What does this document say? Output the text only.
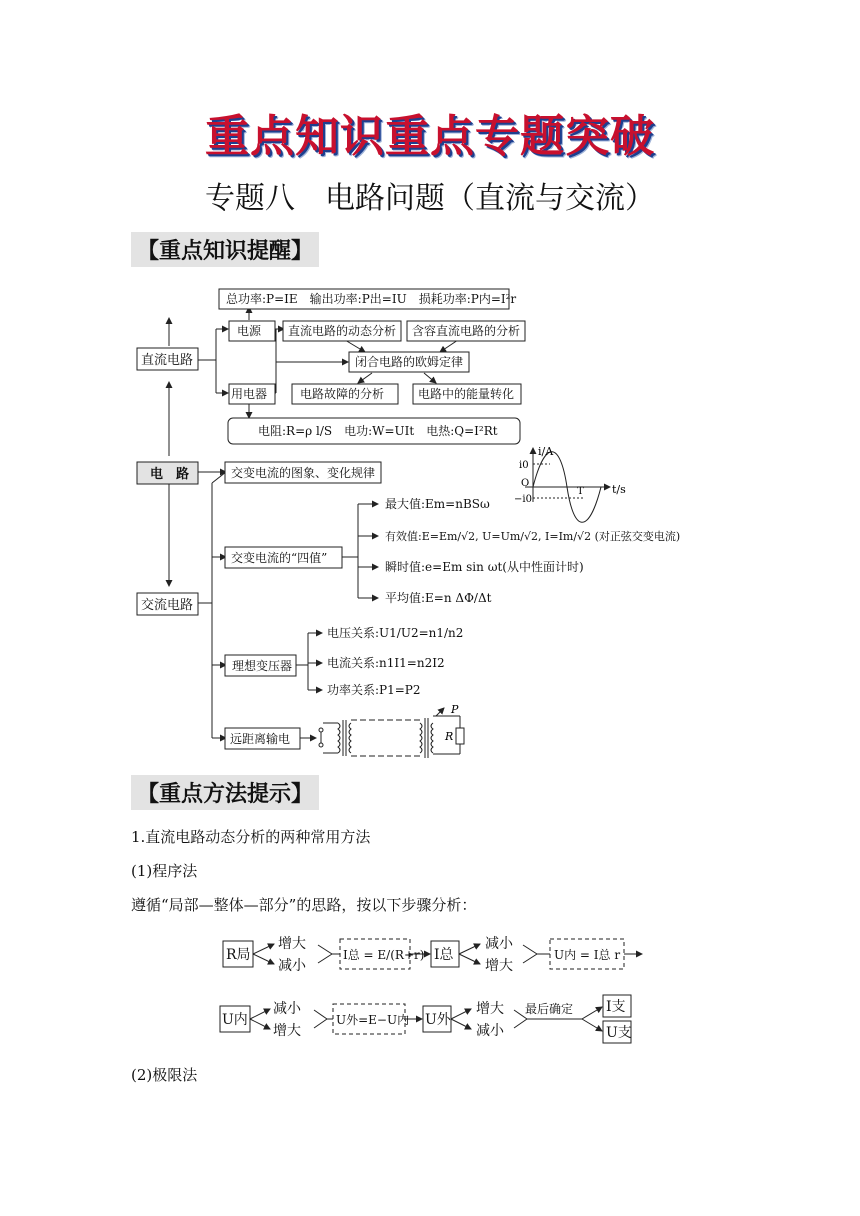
重点知识重点专题突破
专题八　电路问题（直流与交流）
【重点知识提醒】
总功率:P=IE　输出功率:P出=IU　损耗功率:P内=I²r
电源 直流电路的动态分析 含容直流电路的分析
直流电路	闭合电路的欧姆定律
用电器	电路故障的分析	电路中的能量转化
电阻:R=ρ l/S　电功:W=UIt　电热:Q=I²Rt
电　路	交变电流的图象、变化规律
交变电流的“四值”
交流电路
理想变压器
远距离输电
最大值:Em=nBSω
有效值:E=Em/√2, U=Um/√2, I=Im/√2 (对正弦交变电流)
瞬时值:e=Em sin ωt(从中性面计时)
平均值:E=n ΔΦ/Δt
电压关系:U1/U2=n1/n2
电流关系:n1I1=n2I2
功率关系:P1=P2
i/A
t/s
i0
−i0
O
T
P
R
【重点方法提示】
1.直流电路动态分析的两种常用方法
(1)程序法
遵循“局部—整体—部分”的思路，按以下步骤分析：
R局
增大
减小
I总 = E/(R+r) I总
减小
增大
U内 = I总 r
U内
减小
增大
U外=E−U内 U外
增大
减小
最后确定 I支
U支
(2)极限法
